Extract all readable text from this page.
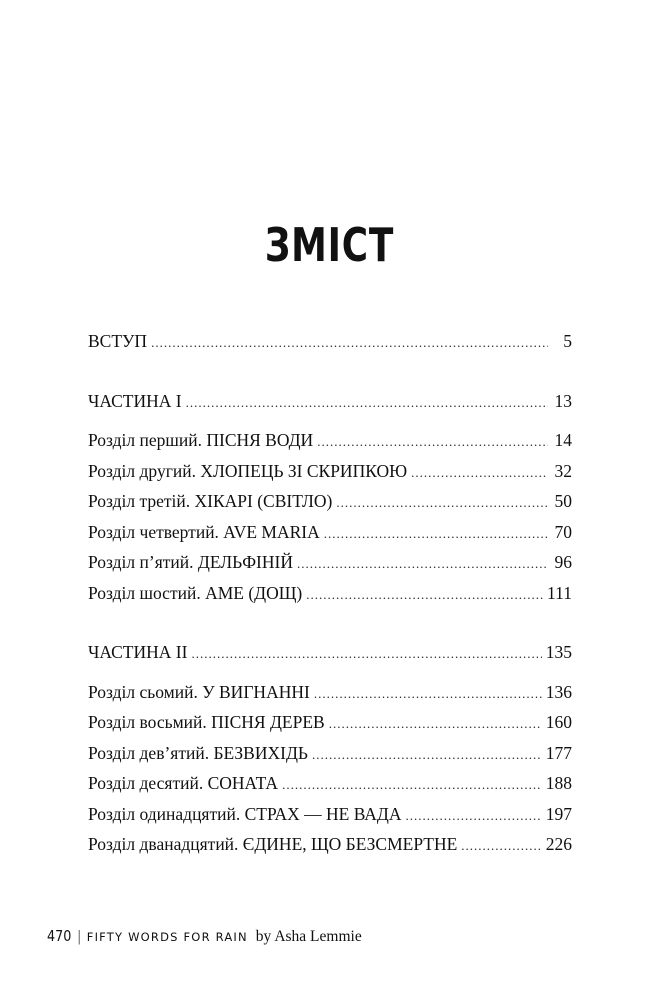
ЗМІСТ
ВСТУП .....	5
ЧАСТИНА І .....	13
Розділ перший. ПІСНЯ ВОДИ .....	14
Розділ другий. ХЛОПЕЦЬ ЗІ СКРИПКОЮ .....	32
Розділ третій. ХІКАРІ (СВІТЛО) .....	50
Розділ четвертий. AVE MARIA .....	70
Розділ п’ятий. ДЕЛЬФІНІЙ .....	96
Розділ шостий. АМЕ (ДОЩ) .....	111
ЧАСТИНА ІІ .....	135
Розділ сьомий. У ВИГНАННІ .....	136
Розділ восьмий. ПІСНЯ ДЕРЕВ .....	160
Розділ дев’ятий. БЕЗВИХІДЬ .....	177
Розділ десятий. СОНАТА .....	188
Розділ одинадцятий. СТРАХ — НЕ ВАДА .....	197
Розділ дванадцятий. ЄДИНЕ, ЩО БЕЗСМЕРТНЕ .....	226
470 | FIFTY WORDS FOR RAIN by Asha Lemmie
